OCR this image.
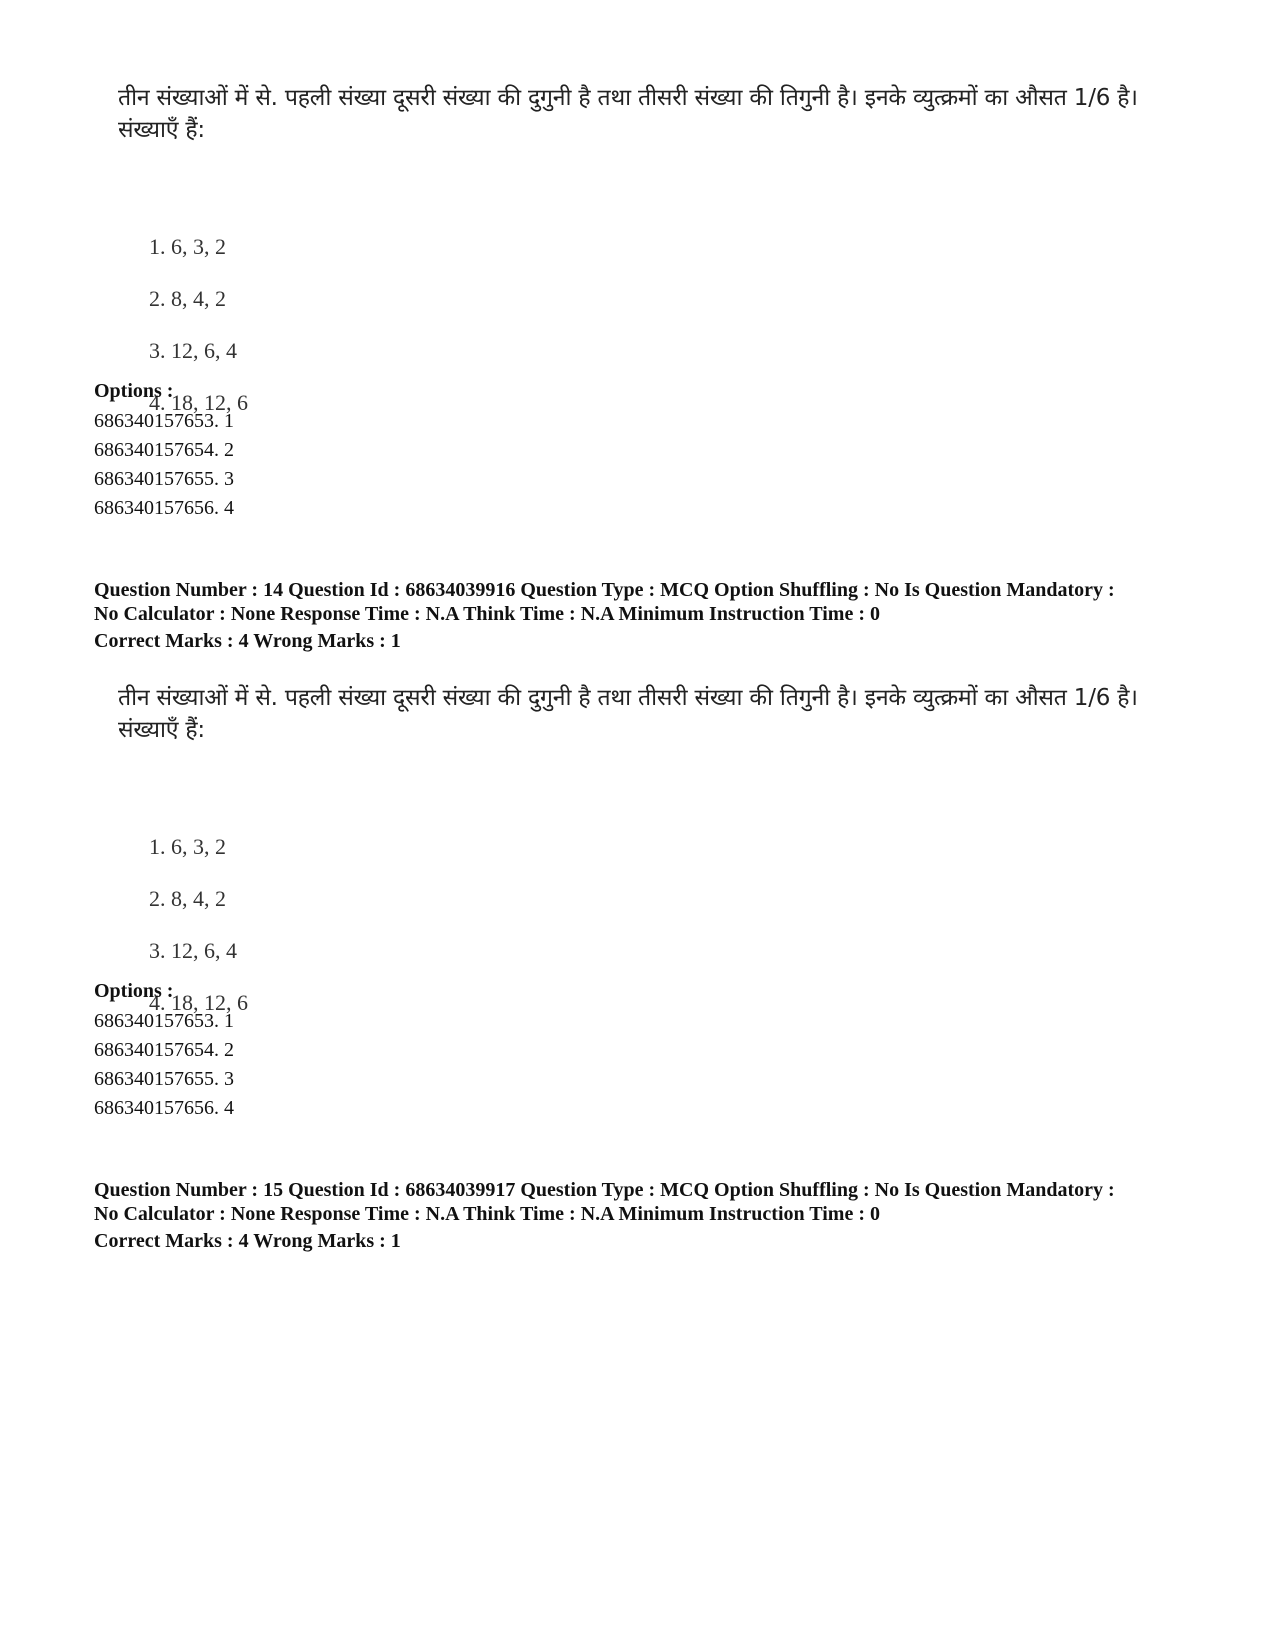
तीन संख्याओं में से. पहली संख्या दूसरी संख्या की दुगुनी है तथा तीसरी संख्या की तिगुनी है। इनके व्युत्क्रमों का औसत 1/6 है। संख्याएँ हैं:
1. 6, 3, 2
2. 8, 4, 2
3. 12, 6, 4
4. 18, 12, 6
Options :
686340157653. 1
686340157654. 2
686340157655. 3
686340157656. 4
Question Number : 14 Question Id : 68634039916 Question Type : MCQ Option Shuffling : No Is Question Mandatory :
No Calculator : None Response Time : N.A Think Time : N.A Minimum Instruction Time : 0
Correct Marks : 4 Wrong Marks : 1
तीन संख्याओं में से. पहली संख्या दूसरी संख्या की दुगुनी है तथा तीसरी संख्या की तिगुनी है। इनके व्युत्क्रमों का औसत 1/6 है। संख्याएँ हैं:
1. 6, 3, 2
2. 8, 4, 2
3. 12, 6, 4
4. 18, 12, 6
Options :
686340157653. 1
686340157654. 2
686340157655. 3
686340157656. 4
Question Number : 15 Question Id : 68634039917 Question Type : MCQ Option Shuffling : No Is Question Mandatory :
No Calculator : None Response Time : N.A Think Time : N.A Minimum Instruction Time : 0
Correct Marks : 4 Wrong Marks : 1
